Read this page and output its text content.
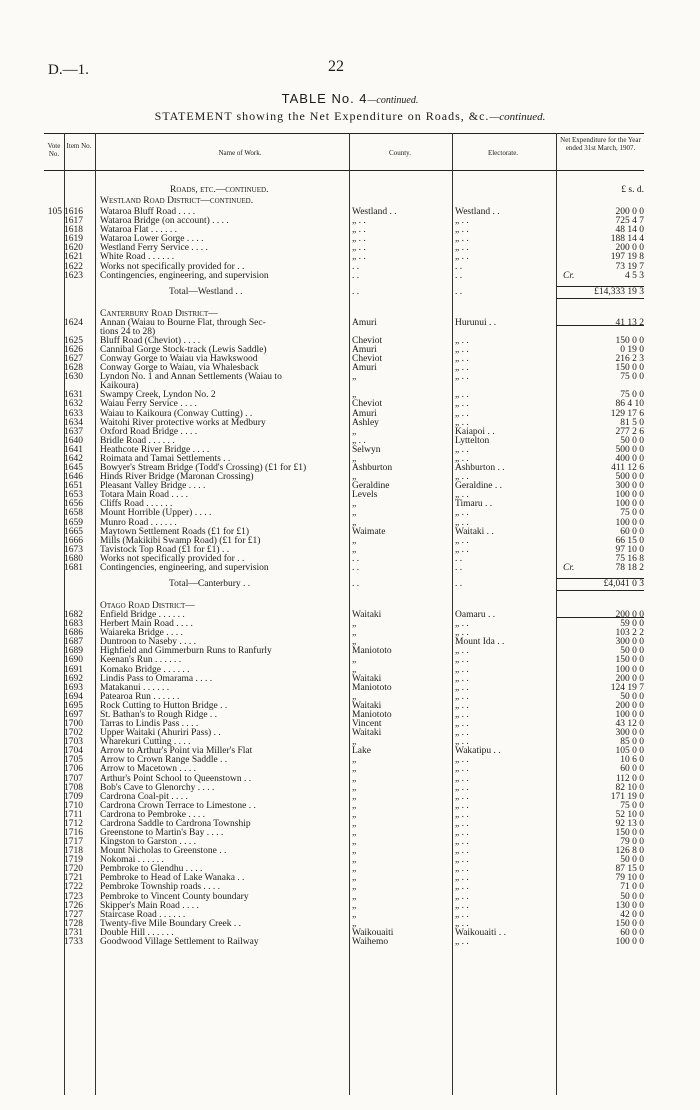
D.—1.	22
TABLE No. 4—continued.
STATEMENT showing the Net Expenditure on Roads, &c.—continued.
Vote No.
Item No.
Name of Work.	County.	Electorate.
Net Expenditure for the Year ended 31st March, 1907.
Roads, etc.—continued.	£ s. d.
Westland Road District—continued.
105 1616	Wataroa Bluff Road . . . .	Westland . .	Westland . .	200 0 0
1617	Wataroa Bridge (on account) . . . .	„ . .	„ . .	725 4 7
1618	Wataroa Flat . . . . . .	„ . .	„ . .	48 14 0
1619	Wataroa Lower Gorge . . . .	„ . .	„ . .	188 14 4
1620	Westland Ferry Service . . . .	„ . .	„ . .	200 0 0
1621	White Road . . . . . .	„ . .	„ . .	197 19 8
1622	Works not specifically provided for . .	. .	. .	73 19 7
1623	Contingencies, engineering, and supervision	. .	. .	Cr.	4 5 3
Total—Westland . .	. .	. .	£14,333 19 3
Canterbury Road District—
1624	Annan (Waiau to Bourne Flat, through Sec-	Amuri	Hurunui . .	41 13 2
tions 24 to 28)
1625	Bluff Road (Cheviot) . . . .	Cheviot	„ . .	150 0 0
1626	Cannibal Gorge Stock-track (Lewis Saddle)	Amuri	„ . .	0 19 0
1627	Conway Gorge to Waiau via Hawkswood	Cheviot	„ . .	216 2 3
1628	Conway Gorge to Waiau, via Whalesback	Amuri	„ . .	150 0 0
1630	Lyndon No. 1 and Annan Settlements (Waiau to	„	„ . .	75 0 0
Kaikoura)
1631	Swampy Creek, Lyndon No. 2	„	„ . .	75 0 0
1632	Waiau Ferry Service . . . .	Cheviot	„ . .	86 4 10
1633	Waiau to Kaikoura (Conway Cutting) . .	Amuri	„ . .	129 17 6
1634	Waitohi River protective works at Medbury	Ashley	„ . .	81 5 0
1637	Oxford Road Bridge . . . .	„	Kaiapoi . .	277 2 6
1640	Bridle Road . . . . . .	„ . .	Lyttelton	50 0 0
1641	Heathcote River Bridge . . . .	Selwyn	„ . .	500 0 0
1642	Roimata and Tamai Settlements . .	„	„ . .	400 0 0
1645	Bowyer's Stream Bridge (Todd's Crossing) (£1 for £1)	Ashburton	Ashburton . .	411 12 6
1646	Hinds River Bridge (Maronan Crossing)	„	„ . .	500 0 0
1651	Pleasant Valley Bridge . . . .	Geraldine	Geraldine . .	300 0 0
1653	Totara Main Road . . . .	Levels	„ . .	100 0 0
1656	Cliffs Road . . . . . .	„	Timaru . .	100 0 0
1658	Mount Horrible (Upper) . . . .	„	„ . .	75 0 0
1659	Munro Road . . . . . .	„	„ . .	100 0 0
1665	Maytown Settlement Roads (£1 for £1)	Waimate	Waitaki . .	60 0 0
1666	Mills (Makikibi Swamp Road) (£1 for £1)	„	„ . .	66 15 0
1673	Tavistock Top Road (£1 for £1) . .	„	„ . .	97 10 0
1680	Works not specifically provided for . .	. .	. .	75 16 8
1681	Contingencies, engineering, and supervision	. .	. .	Cr.	78 18 2
Total—Canterbury . .	. .	. .	£4,041 0 3
Otago Road District—
1682	Enfield Bridge . . . . . .	Waitaki	Oamaru . .	200 0 0
1683	Herbert Main Road . . . .	„	„ . .	59 0 0
1686	Waiareka Bridge . . . .	„	„ . .	103 2 2
1687	Duntroon to Naseby . . . .	„	Mount Ida . .	300 0 0
1689	Highfield and Gimmerburn Runs to Ranfurly	Maniototo	„ . .	50 0 0
1690	Keenan's Run . . . . . .	„	„ . .	150 0 0
1691	Komako Bridge . . . . . .	„	„ . .	100 0 0
1692	Lindis Pass to Omarama . . . .	Waitaki	„ . .	200 0 0
1693	Matakanui . . . . . .	Maniototo	„ . .	124 19 7
1694	Patearoa Run . . . . . .	„	„ . .	50 0 0
1695	Rock Cutting to Hutton Bridge . .	Waitaki	„ . .	200 0 0
1697	St. Bathan's to Rough Ridge . .	Maniototo	„ . .	100 0 0
1700	Tarras to Lindis Pass . . . .	Vincent	„ . .	43 12 0
1702	Upper Waitaki (Ahuriri Pass) . .	Waitaki	„ . .	300 0 0
1703	Wharekuri Cutting . . . .	„	„ . .	85 0 0
1704	Arrow to Arthur's Point via Miller's Flat	Lake	Wakatipu . .	105 0 0
1705	Arrow to Crown Range Saddle . .	„	„ . .	10 6 0
1706	Arrow to Macetown . . . .	„	„ . .	60 0 0
1707	Arthur's Point School to Queenstown . .	„	„ . .	112 0 0
1708	Bob's Cave to Glenorchy . . . .	„	„ . .	82 10 0
1709	Cardrona Coal-pit . . . .	„	„ . .	171 19 0
1710	Cardrona Crown Terrace to Limestone . .	„	„ . .	75 0 0
1711	Cardrona to Pembroke . . . .	„	„ . .	52 10 0
1712	Cardrona Saddle to Cardrona Township	„	„ . .	92 13 0
1716	Greenstone to Martin's Bay . . . .	„	„ . .	150 0 0
1717	Kingston to Garston . . . .	„	„ . .	79 0 0
1718	Mount Nicholas to Greenstone . .	„	„ . .	126 8 0
1719	Nokomai . . . . . .	„	„ . .	50 0 0
1720	Pembroke to Glendhu . . . .	„	„ . .	87 15 0
1721	Pembroke to Head of Lake Wanaka . .	„	„ . .	79 10 0
1722	Pembroke Township roads . . . .	„	„ . .	71 0 0
1723	Pembroke to Vincent County boundary	„	„ . .	50 0 0
1726	Skipper's Main Road . . . .	„	„ . .	130 0 0
1727	Staircase Road . . . . . .	„	„ . .	42 0 0
1728	Twenty-five Mile Boundary Creek . .	„	„ . .	150 0 0
1731	Double Hill . . . . . .	Waikouaiti	Waikouaiti . .	60 0 0
1733	Goodwood Village Settlement to Railway	Waihemo	„ . .	100 0 0
